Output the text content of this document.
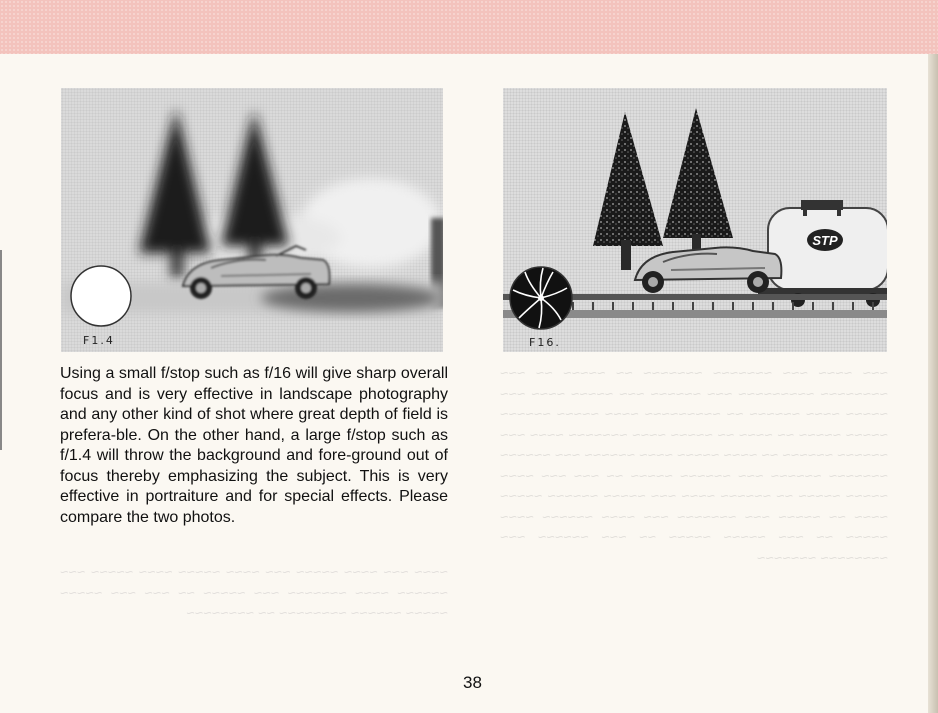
~~~ ~~~~ ~~~ ~~~~~~~ ~~~~~~~ ~~ ~~~~~ ~~ ~~~ ~~~~~~~~ ~~~~~~~~~ ~~~ ~~~~~~ ~~~ ~~~~~ ~~~~ ~~~ ~~~~~ ~~~~ ~~~~~~ ~~ ~~~~~~~~~ ~~~~ ~~~~~ ~~~~~~ ~~~~~ ~~~~~ ~~ ~~~~ ~~ ~~~~~ ~~~~ ~~~~~~~ ~~~~ ~~~ ~~~~~~ ~~~~~~ ~~ ~~~~ ~~~~~ ~~~~ ~~~~~~ ~~~ ~~~~~~ ~~~~~~~ ~~~~~~ ~~~ ~~~~~~ ~~~~~ ~~ ~~~ ~~~ ~~~~ ~~~~~ ~~~~~ ~~ ~~~~~~ ~~~~ ~~~ ~~~~~ ~~~~~~ ~~~~~ ~~~~ ~~ ~~~~~ ~~~ ~~~~~~~ ~~~ ~~~~ ~~~~~~ ~~~~ ~~~~~ ~~ ~~~ ~~~~~ ~~~~~ ~~ ~~~ ~~~~~~ ~~~ ~~~~~~~~ ~~~~~~~

~~~~ ~~~ ~~~~ ~~~~~ ~~~ ~~~~ ~~~~~ ~~~~ ~~~~~ ~~~ ~~~~~~ ~~~~ ~~~~~~~ ~~~ ~~~~~ ~~ ~~~ ~~~ ~~~~~ ~~~~~ ~~~~~~ ~~~~~~~~ ~~ ~~~~~~~~

F1.4
STP
F16.

Using a small f/stop such as f/16 will give sharp overall focus and is very effective in landscape photography and any other kind of shot where great depth of field is prefera-ble. On the other hand, a large f/stop such as f/1.4 will throw the background and fore-ground out of focus thereby emphasizing the subject. This is very effective in portraiture and for special effects. Please compare the two photos.

38
